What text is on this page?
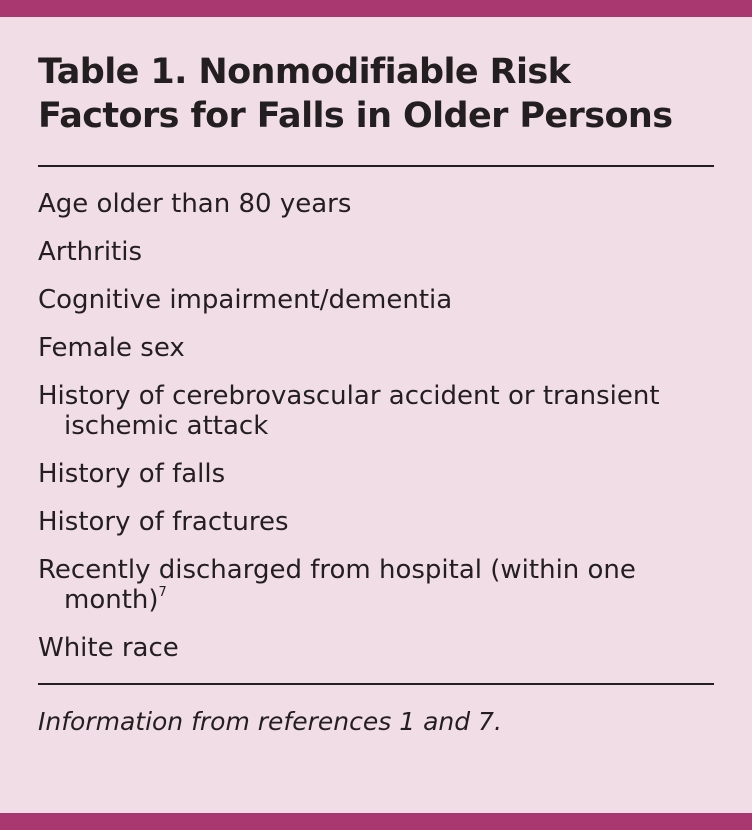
Table 1. Nonmodifiable Risk Factors for Falls in Older Persons
Age older than 80 years
Arthritis
Cognitive impairment/dementia
Female sex
History of cerebrovascular accident or transient ischemic attack
History of falls
History of fractures
Recently discharged from hospital (within one month)$^7$
White race
Information from references 1 and 7.
